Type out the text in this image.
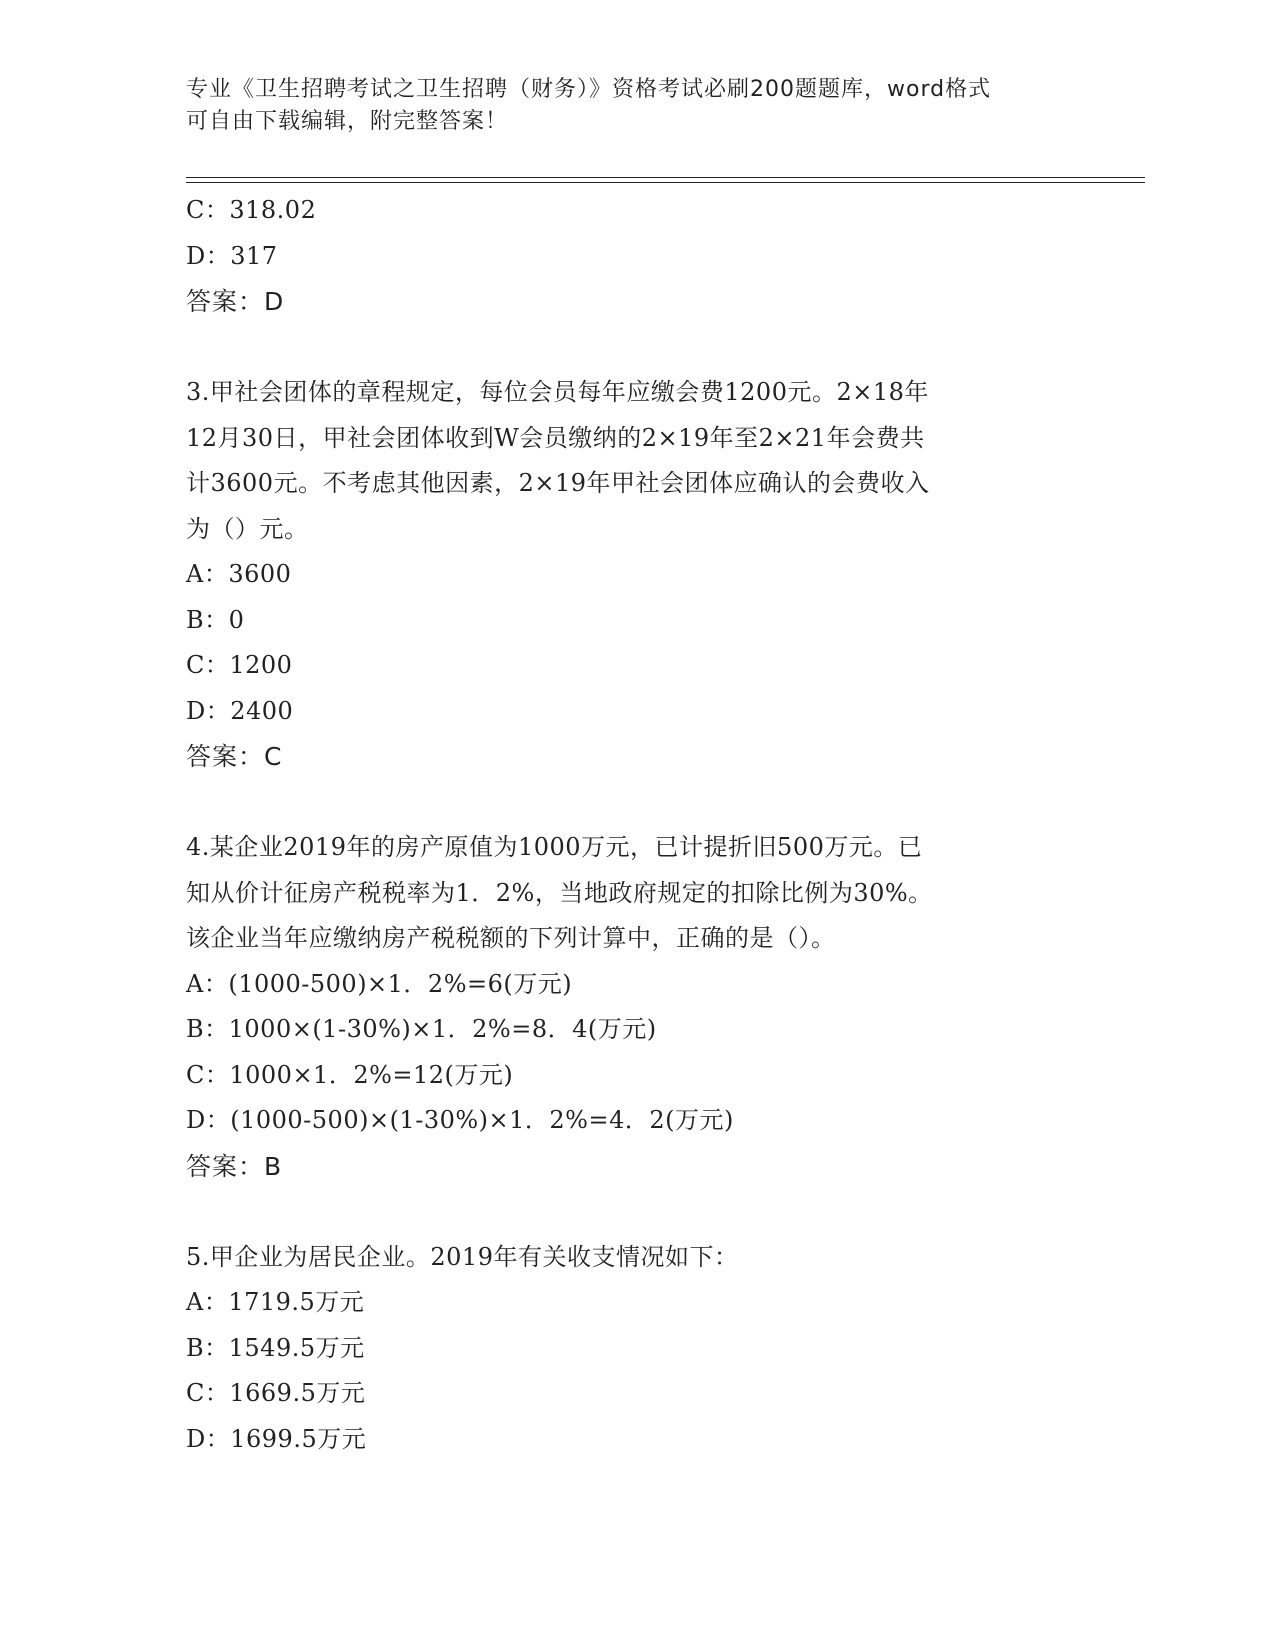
专业《卫生招聘考试之卫生招聘（财务）》资格考试必刷200题题库，word格式
可自由下载编辑，附完整答案！
C：318.02
D：317
答案：D
3.甲社会团体的章程规定，每位会员每年应缴会费1200元。2×18年
12月30日，甲社会团体收到W会员缴纳的2×19年至2×21年会费共
计3600元。不考虑其他因素，2×19年甲社会团体应确认的会费收入
为（）元。
A：3600
B：0
C：1200
D：2400
答案：C
4.某企业2019年的房产原值为1000万元，已计提折旧500万元。已
知从价计征房产税税率为1．2%，当地政府规定的扣除比例为30%。
该企业当年应缴纳房产税税额的下列计算中，正确的是（）。
A：(1000-500)×1．2%=6(万元)
B：1000×(1-30%)×1．2%=8．4(万元)
C：1000×1．2%=12(万元)
D：(1000-500)×(1-30%)×1．2%=4．2(万元)
答案：B
5.甲企业为居民企业。2019年有关收支情况如下：
A：1719.5万元
B：1549.5万元
C：1669.5万元
D：1699.5万元
